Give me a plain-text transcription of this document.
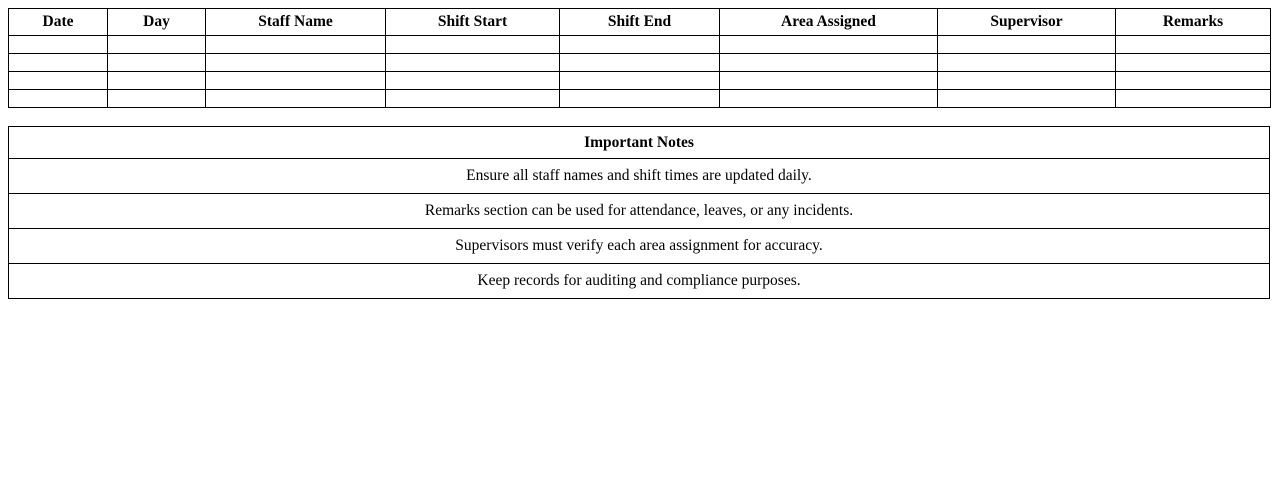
Date	Day	Staff Name	Shift Start	Shift End	Area Assigned	Supervisor	Remarks

Important Notes
Ensure all staff names and shift times are updated daily.
Remarks section can be used for attendance, leaves, or any incidents.
Supervisors must verify each area assignment for accuracy.
Keep records for auditing and compliance purposes.
